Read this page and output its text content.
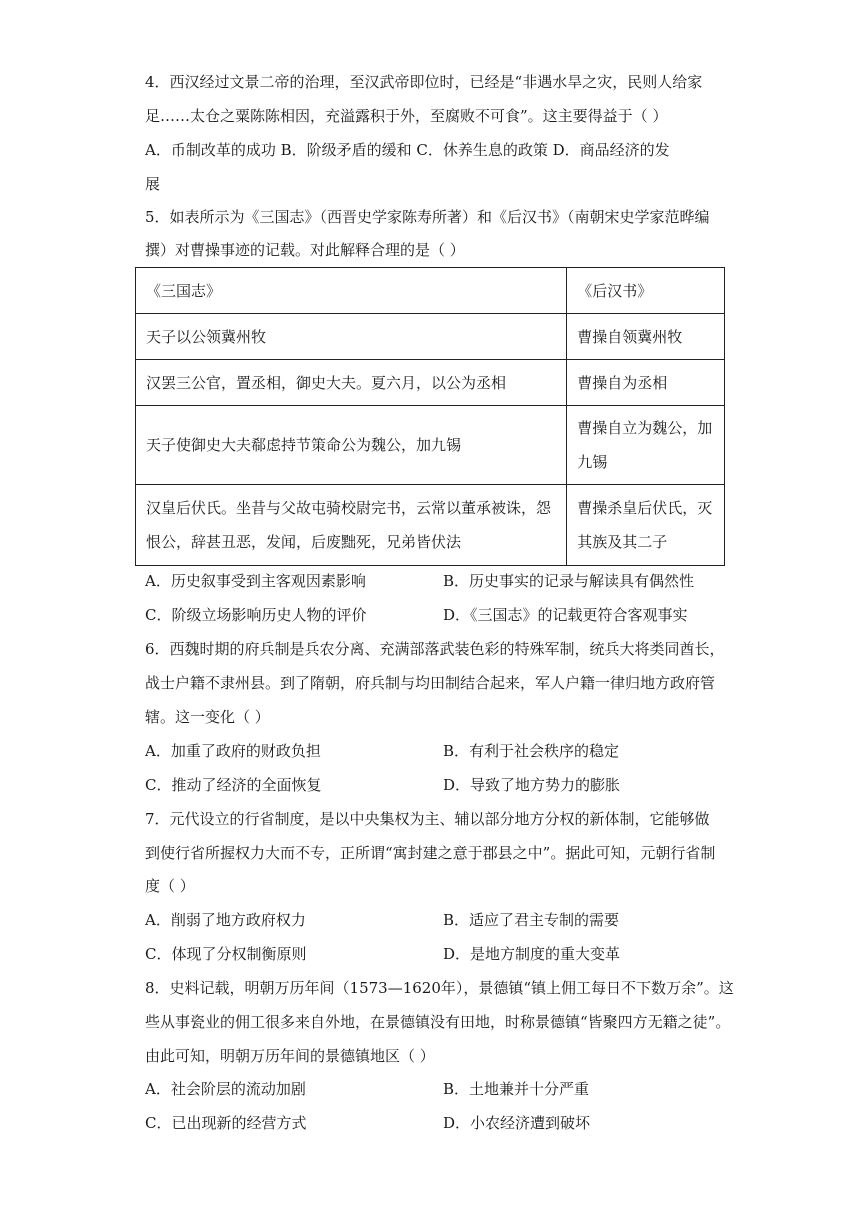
4．西汉经过文景二帝的治理，至汉武帝即位时，已经是“非遇水旱之灾，民则人给家
足……太仓之粟陈陈相因，充溢露积于外，至腐败不可食”。这主要得益于（ ）
A．币制改革的成功 B．阶级矛盾的缓和 C．休养生息的政策 D．商品经济的发
展
5．如表所示为《三国志》（西晋史学家陈寿所著）和《后汉书》（南朝宋史学家范晔编
撰）对曹操事迹的记载。对此解释合理的是（ ）
《三国志》	《后汉书》
天子以公领冀州牧	曹操自领冀州牧
汉罢三公官，置丞相，御史大夫。夏六月，以公为丞相	曹操自为丞相
天子使御史大夫郗虑持节策命公为魏公，加九锡	曹操自立为魏公，加
九锡
汉皇后伏氏。坐昔与父故屯骑校尉完书，云常以董承被诛，怨
恨公，辞甚丑恶，发闻，后废黜死，兄弟皆伏法	曹操杀皇后伏氏，灭
其族及其二子
A．历史叙事受到主客观因素影响	B．历史事实的记录与解读具有偶然性
C．阶级立场影响历史人物的评价	D．《三国志》的记载更符合客观事实
6．西魏时期的府兵制是兵农分离、充满部落武装色彩的特殊军制，统兵大将类同酋长，
战士户籍不隶州县。到了隋朝，府兵制与均田制结合起来，军人户籍一律归地方政府管
辖。这一变化（ ）
A．加重了政府的财政负担	B．有利于社会秩序的稳定
C．推动了经济的全面恢复	D．导致了地方势力的膨胀
7．元代设立的行省制度，是以中央集权为主、辅以部分地方分权的新体制，它能够做
到使行省所握权力大而不专，正所谓“寓封建之意于郡县之中”。据此可知，元朝行省制
度（ ）
A．削弱了地方政府权力	B．适应了君主专制的需要
C．体现了分权制衡原则	D．是地方制度的重大变革
8．史料记载，明朝万历年间（1573—1620年），景德镇“镇上佣工每日不下数万余”。这
些从事瓷业的佣工很多来自外地，在景德镇没有田地，时称景德镇“皆聚四方无籍之徒”。
由此可知，明朝万历年间的景德镇地区（ ）
A．社会阶层的流动加剧	B．土地兼并十分严重
C．已出现新的经营方式	D．小农经济遭到破坏
